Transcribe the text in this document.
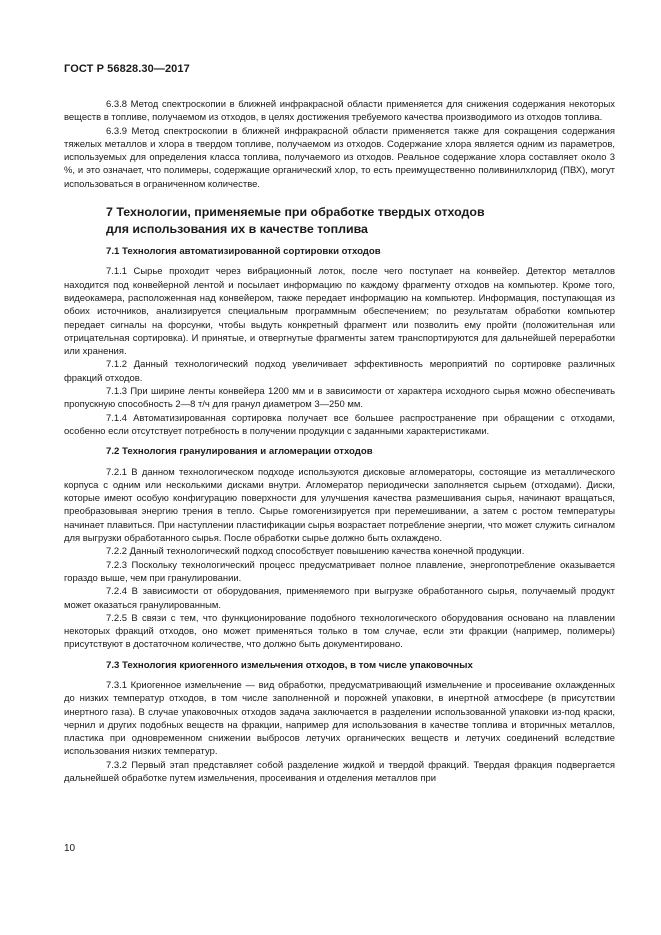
ГОСТ Р 56828.30—2017

6.3.8 Метод спектроскопии в ближней инфракрасной области применяется для снижения содержания некоторых веществ в топливе, получаемом из отходов, в целях достижения требуемого качества производимого из отходов топлива.

6.3.9 Метод спектроскопии в ближней инфракрасной области применяется также для сокращения содержания тяжелых металлов и хлора в твердом топливе, получаемом из отходов. Содержание хлора является одним из параметров, используемых для определения класса топлива, получаемого из отходов. Реальное содержание хлора составляет около 3 %, и это означает, что полимеры, содержащие органический хлор, то есть преимущественно поливинилхлорид (ПВХ), могут использоваться в ограниченном количестве.

7 Технологии, применяемые при обработке твердых отходов
для использования их в качестве топлива
7.1 Технология автоматизированной сортировки отходов

7.1.1 Сырье проходит через вибрационный лоток, после чего поступает на конвейер. Детектор металлов находится под конвейерной лентой и посылает информацию по каждому фрагменту отходов на компьютер. Кроме того, видеокамера, расположенная над конвейером, также передает информацию на компьютер. Информация, поступающая из обоих источников, анализируется специальным программным обеспечением; по результатам обработки компьютер передает сигналы на форсунки, чтобы выдуть конкретный фрагмент или позволить ему пройти (положительная или отрицательная сортировка). И принятые, и отвергнутые фрагменты затем транспортируются для дальнейшей переработки или хранения.

7.1.2 Данный технологический подход увеличивает эффективность мероприятий по сортировке различных фракций отходов.

7.1.3 При ширине ленты конвейера 1200 мм и в зависимости от характера исходного сырья можно обеспечивать пропускную способность 2—8 т/ч для гранул диаметром 3—250 мм.

7.1.4 Автоматизированная сортировка получает все большее распространение при обращении с отходами, особенно если отсутствует потребность в получении продукции с заданными характеристиками.

7.2 Технология гранулирования и агломерации отходов

7.2.1 В данном технологическом подходе используются дисковые агломераторы, состоящие из металлического корпуса с одним или несколькими дисками внутри. Агломератор периодически заполняется сырьем (отходами). Диски, которые имеют особую конфигурацию поверхности для улучшения качества размешивания сырья, начинают вращаться, преобразовывая энергию трения в тепло. Сырье гомогенизируется при перемешивании, а затем с ростом температуры начинает плавиться. При наступлении пластификации сырья возрастает потребление энергии, что может служить сигналом для выгрузки обработанного сырья. После обработки сырье должно быть охлаждено.

7.2.2 Данный технологический подход способствует повышению качества конечной продукции.

7.2.3 Поскольку технологический процесс предусматривает полное плавление, энергопотребление оказывается гораздо выше, чем при гранулировании.

7.2.4 В зависимости от оборудования, применяемого при выгрузке обработанного сырья, получаемый продукт может оказаться гранулированным.

7.2.5 В связи с тем, что функционирование подобного технологического оборудования основано на плавлении некоторых фракций отходов, оно может применяться только в том случае, если эти фракции (например, полимеры) присутствуют в достаточном количестве, что должно быть документировано.

7.3 Технология криогенного измельчения отходов, в том числе упаковочных

7.3.1 Криогенное измельчение — вид обработки, предусматривающий измельчение и просеивание охлажденных до низких температур отходов, в том числе заполненной и порожней упаковки, в инертной атмосфере (в присутствии инертного газа). В случае упаковочных отходов задача заключается в разделении использованной упаковки из-под краски, чернил и других подобных веществ на фракции, например для использования в качестве топлива и вторичных металлов, пластика при одновременном снижении выбросов летучих органических веществ и летучих соединений вследствие использования низких температур.

7.3.2 Первый этап представляет собой разделение жидкой и твердой фракций. Твердая фракция подвергается дальнейшей обработке путем измельчения, просеивания и отделения металлов при

10
